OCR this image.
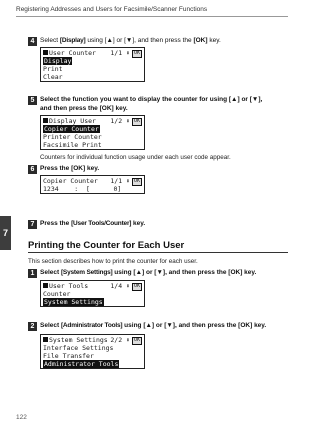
Registering Addresses and Users for Facsimile/Scanner Functions
7
4 Select [Display] using [▲] or [▼], and then press the [OK] key.
User Counter 1/1 ⬍ OK
Display
Print
Clear
5 Select the function you want to display the counter for using [▲] or [▼],
and then press the [OK] key.
Display User 1/2 ⬍ OK
Copier Counter
Printer Counter
Facsimile Print
Counters for individual function usage under each user code appear.
6 Press the [OK] key.
Copier Counter 1/1 ⬍ OK
1234    :  [      0]
7 Press the [User Tools/Counter] key.
Printing the Counter for Each User
This section describes how to print the counter for each user.
1 Select [System Settings] using [▲] or [▼], and then press the [OK] key.
User Tools	1/4 ⬍ OK
Counter
System Settings
2 Select [Administrator Tools] using [▲] or [▼], and then press the [OK] key.
System Settings 2/2 ⬍ OK
Interface Settings
File Transfer
Administrator Tools
122
